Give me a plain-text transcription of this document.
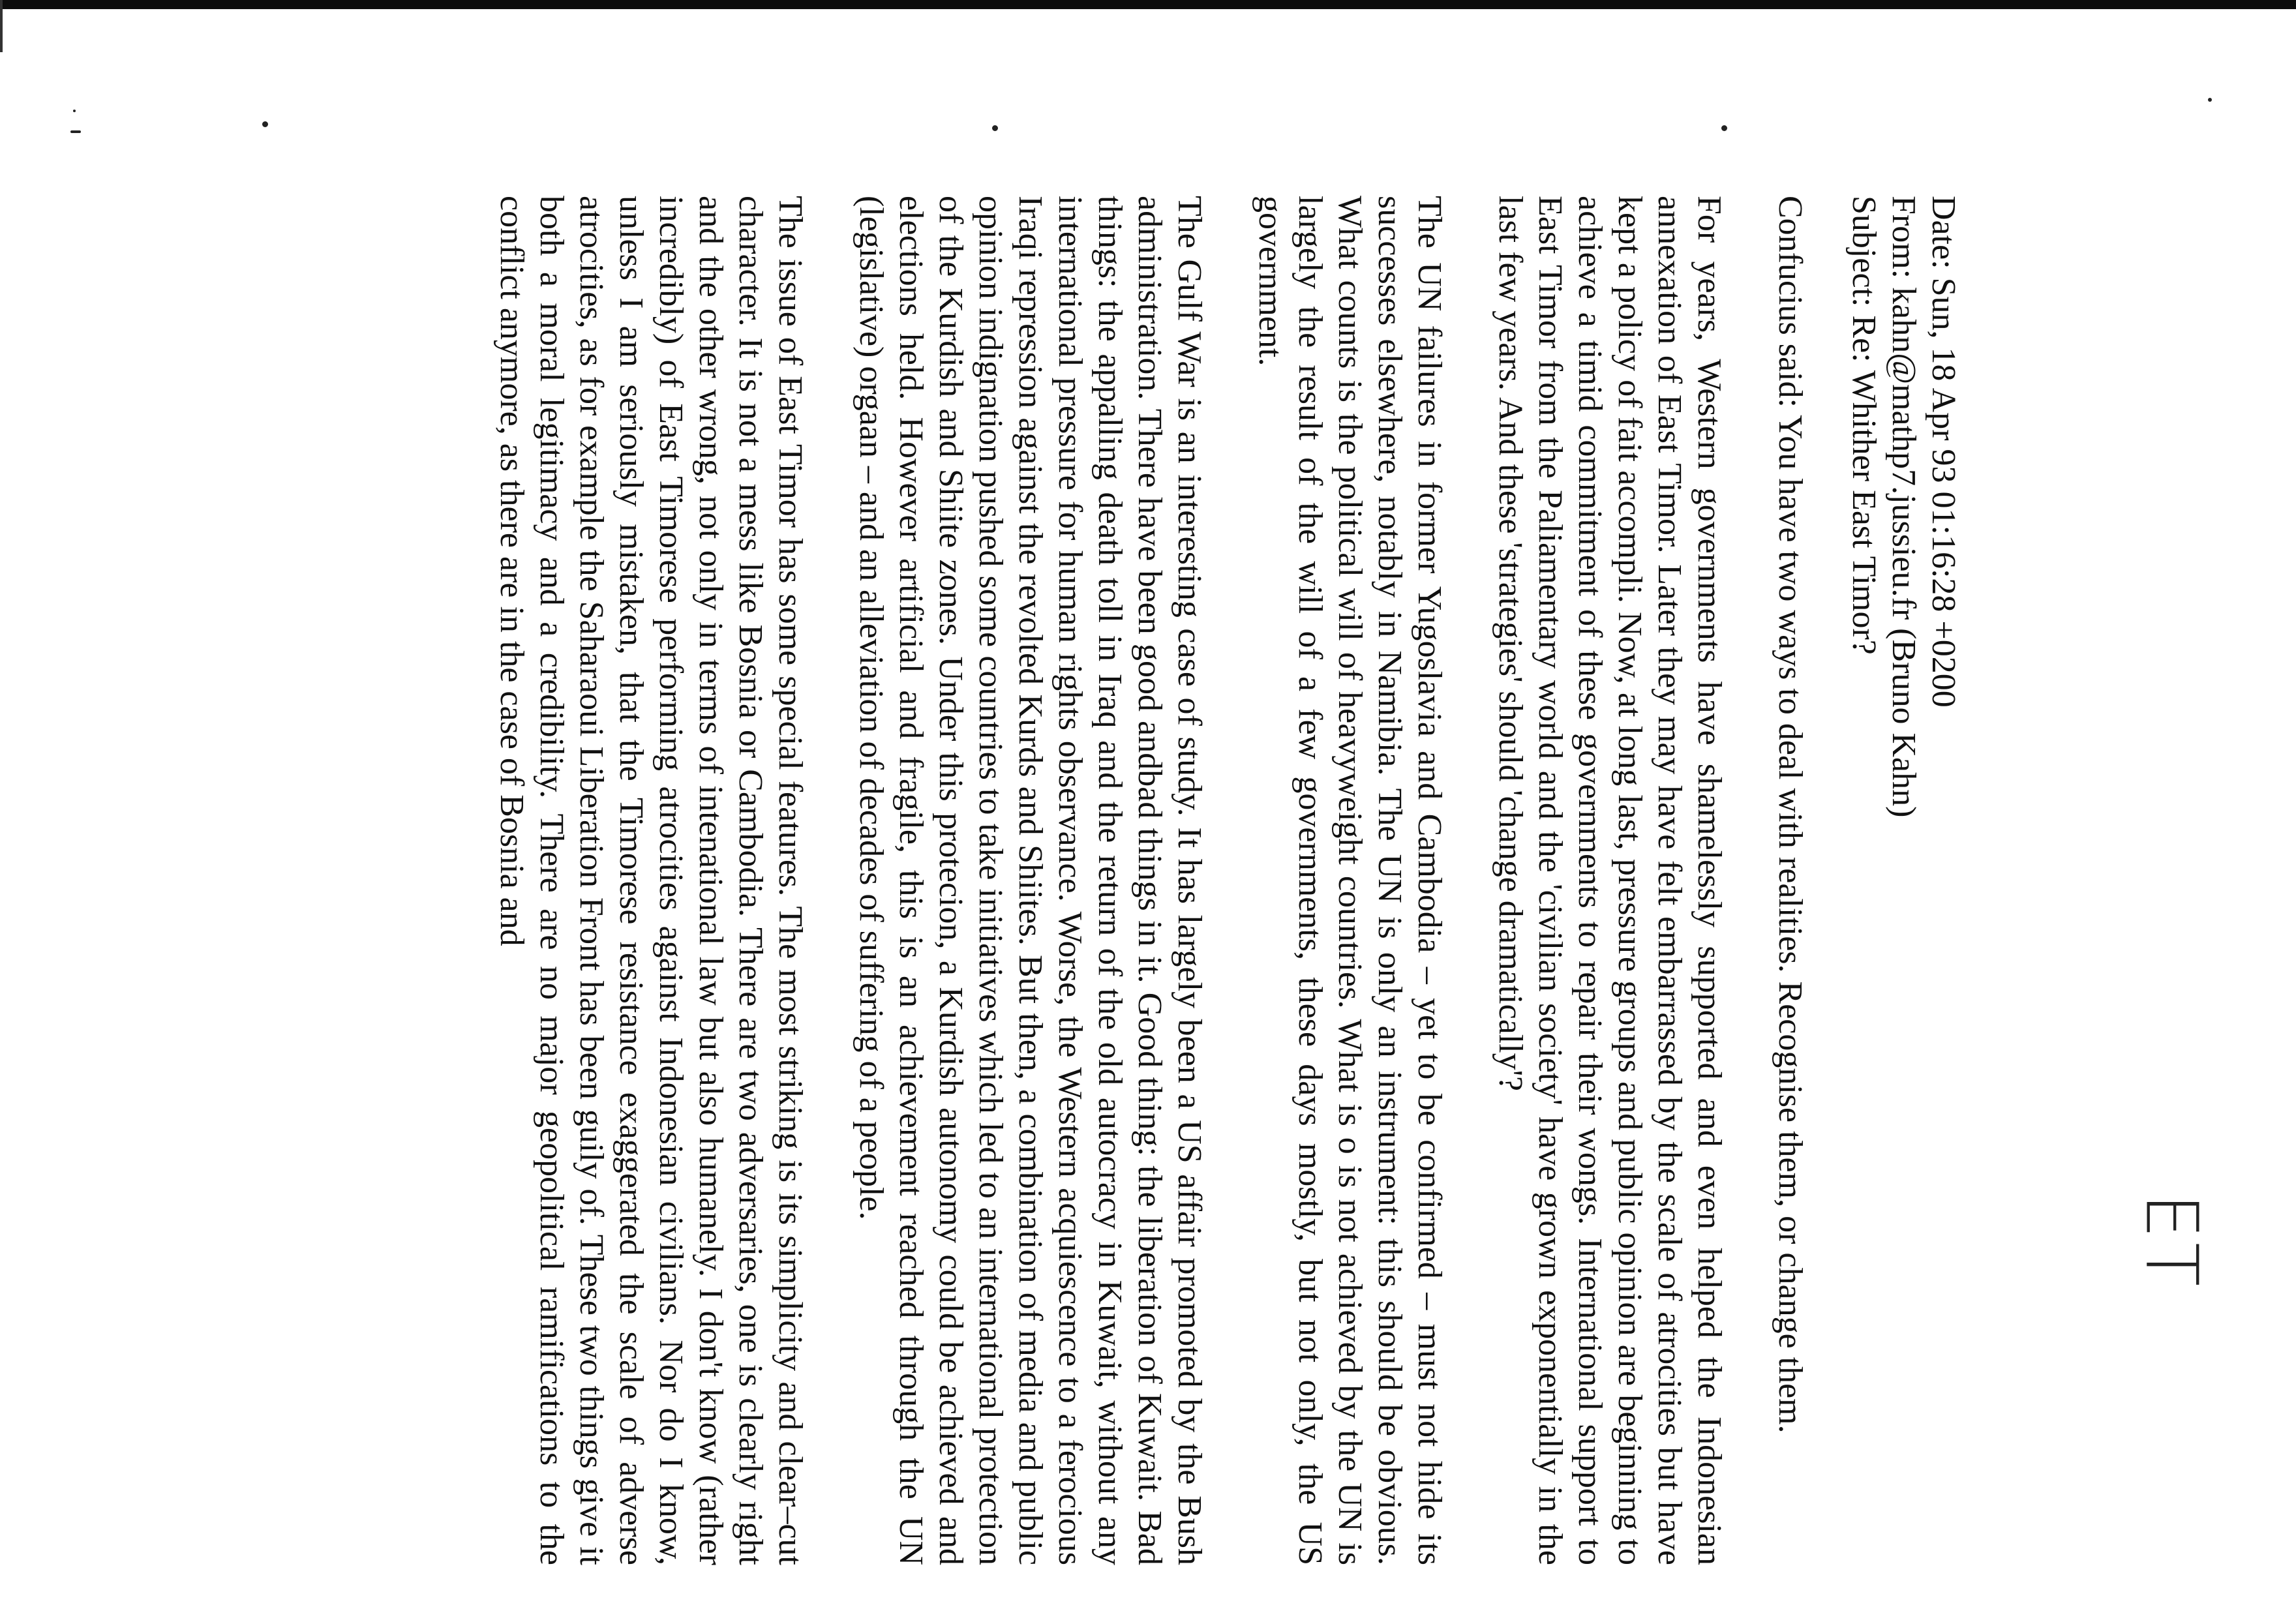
Date: Sun, 18 Apr 93 01:16:28 +0200

From: kahn@mathp7.jussieu.fr (Bruno Kahn)

Subject: Re: Whither East Timor?

Confucius said: You have two ways to deal with realities. Recognise them, or change them.

For years, Western governments have shamelessly supported and even helped the Indonesian annexation of East Timor. Later they may have felt embarrassed by the scale of atrocities but have kept a policy of fait accompli. Now, at long last, pressure groups and public opinion are beginning to achieve a timid commitment of these governments to repair their wongs. International support to East Timor from the Paliamentary world and the 'civilian society' have grown exponentially in the last few years. And these 'strategies' should 'change dramatically'?

The UN failures in former Yugoslavia and Cambodia – yet to be confirmed – must not hide its successes elsewhere, notably in Namibia. The UN is only an instrument: this should be obvious. What counts is the political will of heavyweight countries. What is o is not achieved by the UN is largely the result of the will of a few governments, these days mostly, but not only, the US government.

The Gulf War is an interesting case of study. It has largely been a US affair promoted by the Bush administration. There have been good andbad things in it. Good thing: the liberation of Kuwait. Bad things: the appalling death toll in Iraq and the return of the old autocracy in Kuwait, without any international pressure for human rights observance. Worse, the Western acquiescence to a ferocious Iraqi repression against the revolted Kurds and Shiites. But then, a combination of media and public opinion indignation pushed some countries to take initiatives which led to an international protection of the Kurdish and Shiite zones. Under this protecion, a Kurdish autonomy could be achieved and elections held. However artificial and fragile, this is an achievement reached through the UN (legislative) orgaan – and an alleviation of decades of suffering of a people.

The issue of East Timor has some special features. The most striking is its simplicity and clear–cut character. It is not a mess like Bosnia or Cambodia. There are two adversaries, one is clearly right and the other wrong, not only in terms of intenational law but also humanely. I don't know (rather incredibly) of East Timorese performing atrocities against Indonesian civilians. Nor do I know, unless I am seriously mistaken, that the Timorese resistance exaggerated the scale of adverse atrocities, as for example the Saharaoui Liberation Front has been guily of. These two things give it both a moral legitimacy and a credibility. There are no major geopolitical ramifications to the conflict anymore, as there are in the case of Bosnia and

ET
